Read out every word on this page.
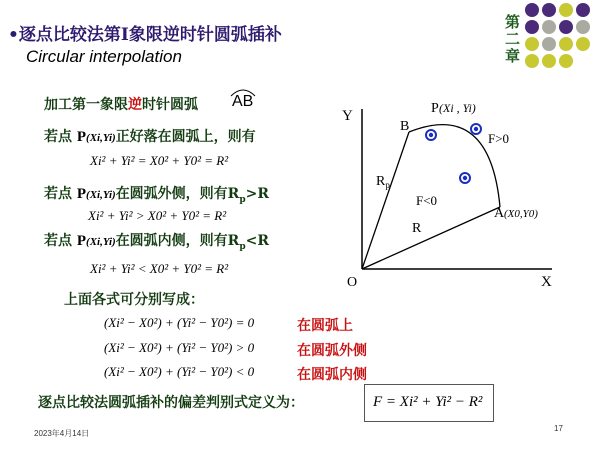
•逐点比较法第Ⅰ象限逆时针圆弧插补
Circular interpolation	第二章
加工第一象限逆时针圆弧 AB
若点 P(Xi,Yi)正好落在圆弧上，则有
Xi² + Yi² = X0² + Y0² = R²
若点 P(Xi,Yi)在圆弧外侧，则有$R_p>R$
Xi² + Yi² > X0² + Y0² = R²
若点 P(Xi,Yi)在圆弧内侧，则有$R_p<R$
Xi² + Yi² < X0² + Y0² = R²
上面各式可分别写成：
(Xi² − X0²) + (Yi² − Y0²) = 0
(Xi² − X0²) + (Yi² − Y0²) > 0
(Xi² − X0²) + (Yi² − Y0²) < 0
在圆弧上
在圆弧外侧
在圆弧内侧
逐点比较法圆弧插补的偏差判别式定义为：	F = Xi² + Yi² − R²
2023年4月14日
17
Y
X
O
B
P (Xi , Yi)
F>0
F<0
$R_p$
R
A (X0,Y0)
